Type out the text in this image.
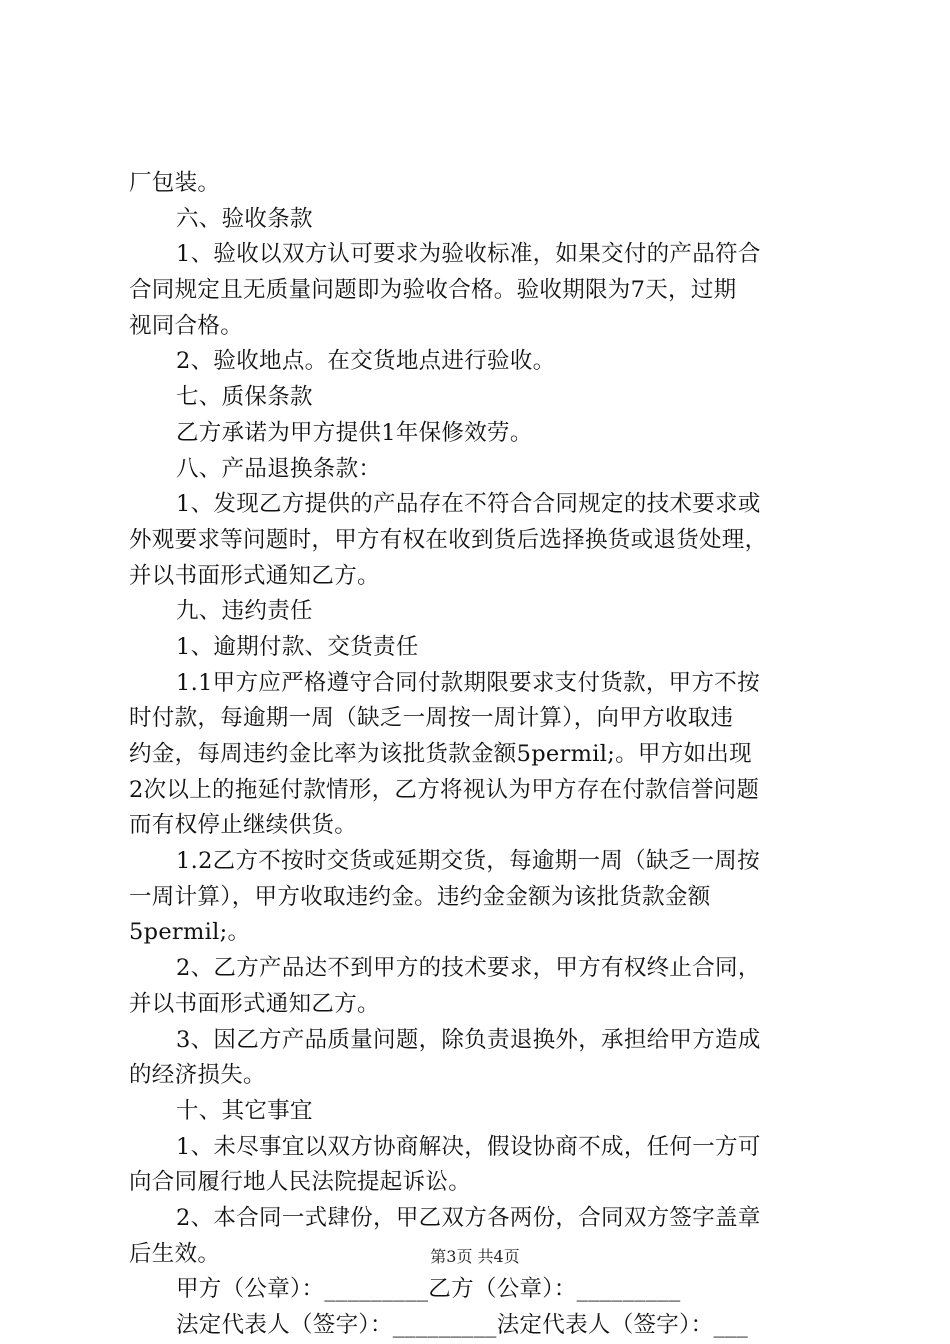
厂包装。
六、验收条款
1、验收以双方认可要求为验收标准，如果交付的产品符合
合同规定且无质量问题即为验收合格。验收期限为7天，过期
视同合格。
2、验收地点。在交货地点进行验收。
七、质保条款
乙方承诺为甲方提供1年保修效劳。
八、产品退换条款：
1、发现乙方提供的产品存在不符合合同规定的技术要求或
外观要求等问题时，甲方有权在收到货后选择换货或退货处理，
并以书面形式通知乙方。
九、违约责任
1、逾期付款、交货责任
1.1甲方应严格遵守合同付款期限要求支付货款，甲方不按
时付款，每逾期一周（缺乏一周按一周计算），向甲方收取违
约金，每周违约金比率为该批货款金额5permil;。甲方如出现
2次以上的拖延付款情形，乙方将视认为甲方存在付款信誉问题
而有权停止继续供货。
1.2乙方不按时交货或延期交货，每逾期一周（缺乏一周按
一周计算），甲方收取违约金。违约金金额为该批货款金额
5permil;。
2、乙方产品达不到甲方的技术要求，甲方有权终止合同，
并以书面形式通知乙方。
3、因乙方产品质量问题，除负责退换外，承担给甲方造成
的经济损失。
十、其它事宜
1、未尽事宜以双方协商解决，假设协商不成，任何一方可
向合同履行地人民法院提起诉讼。
2、本合同一式肆份，甲乙双方各两份，合同双方签字盖章
后生效。
甲方（公章）：_________乙方（公章）：_________
法定代表人（签字）：_________法定代表人（签字）：___
第3页 共4页
